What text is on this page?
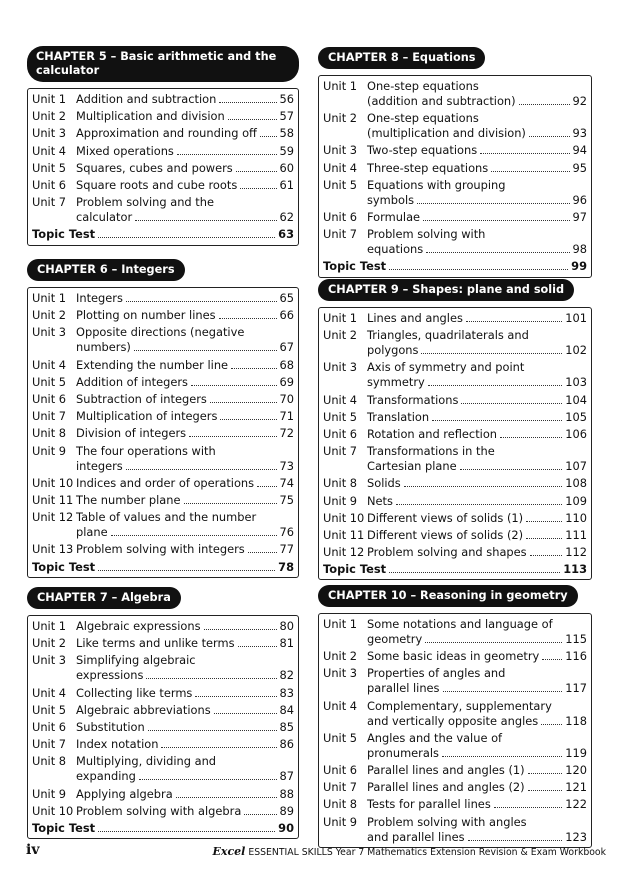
CHAPTER 5 – Basic arithmetic and the calculator
Unit 1 Addition and subtraction	56
Unit 2 Multiplication and division	57
Unit 3 Approximation and rounding off 58
Unit 4 Mixed operations	59
Unit 5 Squares, cubes and powers	60
Unit 6 Square roots and cube roots	61
Unit 7 Problem solving and the
calculator	62
Topic Test	63
CHAPTER 6 – Integers
Unit 1 Integers	65
Unit 2 Plotting on number lines	66
Unit 3 Opposite directions (negative
numbers)	67
Unit 4 Extending the number line	68
Unit 5 Addition of integers	69
Unit 6 Subtraction of integers	70
Unit 7 Multiplication of integers	71
Unit 8 Division of integers	72
Unit 9 The four operations with
integers	73
Unit 10 Indices and order of operations 74
Unit 11 The number plane	75
Unit 12 Table of values and the number
plane	76
Unit 13 Problem solving with integers	77
Topic Test	78
CHAPTER 7 – Algebra
Unit 1 Algebraic expressions	80
Unit 2 Like terms and unlike terms	81
Unit 3 Simplifying algebraic
expressions	82
Unit 4 Collecting like terms	83
Unit 5 Algebraic abbreviations	84
Unit 6 Substitution	85
Unit 7 Index notation	86
Unit 8 Multiplying, dividing and
expanding	87
Unit 9 Applying algebra	88
Unit 10 Problem solving with algebra	89
Topic Test	90
CHAPTER 8 – Equations
Unit 1 One-step equations
(addition and subtraction)	92
Unit 2 One-step equations
(multiplication and division)	93
Unit 3 Two-step equations	94
Unit 4 Three-step equations	95
Unit 5 Equations with grouping
symbols	96
Unit 6 Formulae	97
Unit 7 Problem solving with
equations	98
Topic Test	99
CHAPTER 9 – Shapes: plane and solid
Unit 1 Lines and angles	101
Unit 2 Triangles, quadrilaterals and
polygons	102
Unit 3 Axis of symmetry and point
symmetry	103
Unit 4 Transformations	104
Unit 5 Translation	105
Unit 6 Rotation and reflection	106
Unit 7 Transformations in the
Cartesian plane	107
Unit 8 Solids	108
Unit 9 Nets	109
Unit 10 Different views of solids (1)	110
Unit 11 Different views of solids (2)	111
Unit 12 Problem solving and shapes	112
Topic Test	113
CHAPTER 10 – Reasoning in geometry
Unit 1 Some notations and language of
geometry	115
Unit 2 Some basic ideas in geometry 116
Unit 3 Properties of angles and
parallel lines	117
Unit 4 Complementary, supplementary
and vertically opposite angles 118
Unit 5 Angles and the value of
pronumerals	119
Unit 6 Parallel lines and angles (1)	120
Unit 7 Parallel lines and angles (2)	121
Unit 8 Tests for parallel lines	122
Unit 9 Problem solving with angles
and parallel lines	123
iv	Excel ESSENTIAL SKILLS Year 7 Mathematics Extension Revision & Exam Workbook
